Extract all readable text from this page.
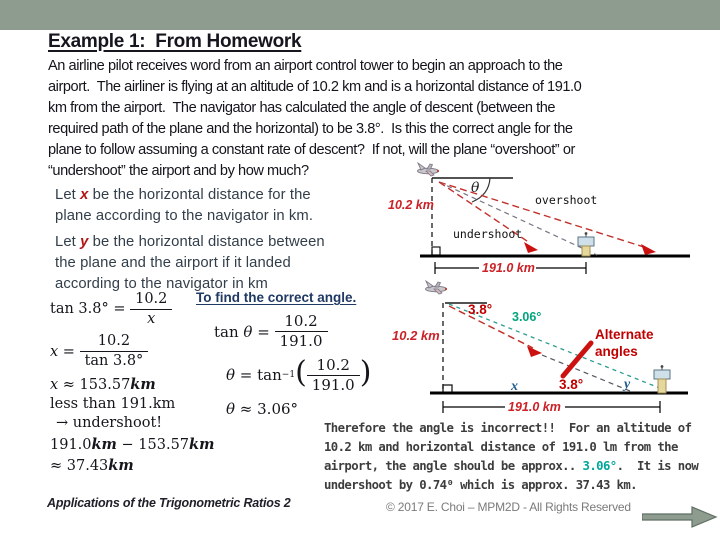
Example 1:  From Homework
An airline pilot receives word from an airport control tower to begin an approach to the
airport.  The airliner is flying at an altitude of 10.2 km and is a horizontal distance of 191.0
km from the airport.  The navigator has calculated the angle of descent (between the
required path of the plane and the horizontal) to be 3.8°.  Is this the correct angle for the
plane to follow assuming a constant rate of descent?  If not, will the plane “overshoot” or
“undershoot” the airport and by how much?
Let x be the horizontal distance for the
plane according to the navigator in km.
Let y be the horizontal distance between
the plane and the airport if it landed
according to the navigator in km
θ
overshoot
undershoot
10.2 km
191.0 km
3.8° 3.06°
10.2 km	Alternate
angles
3.8°
x	y
191.0 km
$\tan 3.8^\circ = \frac{10.2}{x}$
$x = \frac{10.2}{\tan 3.8^\circ}$
x ≈ 153.57km
less than 191.km
→ undershoot!
191.0km − 153.57km
≈ 37.43km
To find the correct angle.
$\tan \theta = \frac{10.2}{191.0}$
θ = tan −1 ( $\frac{10.2}{191.0}$ )
θ ≈ 3.06°
Therefore the angle is incorrect!!  For an altitude of
10.2 km and horizontal distance of 191.0 lm from the
airport, the angle should be approx.. 3.06°.  It is now
undershoot by 0.74⁰ which is approx. 37.43 km.
Applications of the Trigonometric Ratios 2	© 2017 E. Choi – MPM2D - All Rights Reserved
